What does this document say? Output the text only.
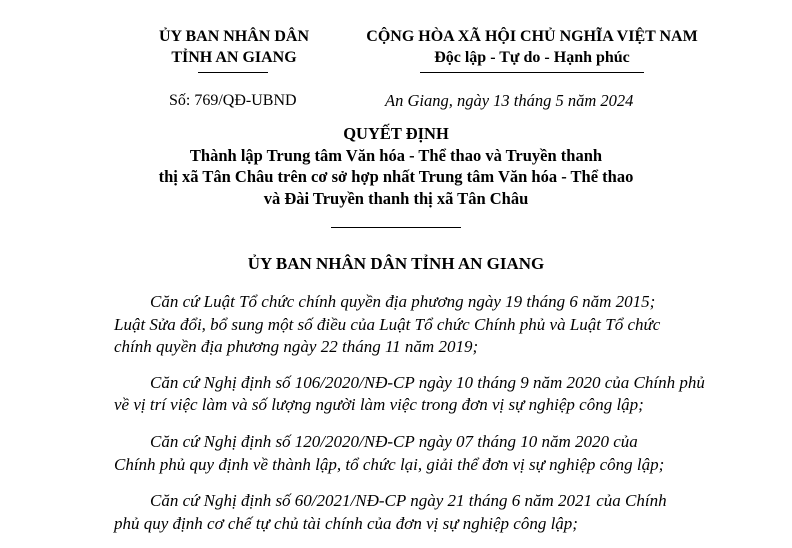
ỦY BAN NHÂN DÂN
TỈNH AN GIANG
CỘNG HÒA XÃ HỘI CHỦ NGHĨA VIỆT NAM
Độc lập - Tự do - Hạnh phúc
Số: 769/QĐ-UBND	An Giang, ngày 13 tháng 5 năm 2024
QUYẾT ĐỊNH
Thành lập Trung tâm Văn hóa - Thể thao và Truyền thanh
thị xã Tân Châu trên cơ sở hợp nhất Trung tâm Văn hóa - Thể thao
và Đài Truyền thanh thị xã Tân Châu
ỦY BAN NHÂN DÂN TỈNH AN GIANG
Căn cứ Luật Tổ chức chính quyền địa phương ngày 19 tháng 6 năm 2015;
Luật Sửa đổi, bổ sung một số điều của Luật Tổ chức Chính phủ và Luật Tổ chức
chính quyền địa phương ngày 22 tháng 11 năm 2019;
Căn cứ Nghị định số 106/2020/NĐ-CP ngày 10 tháng 9 năm 2020 của Chính phủ
về vị trí việc làm và số lượng người làm việc trong đơn vị sự nghiệp công lập;
Căn cứ Nghị định số 120/2020/NĐ-CP ngày 07 tháng 10 năm 2020 của
Chính phủ quy định về thành lập, tổ chức lại, giải thể đơn vị sự nghiệp công lập;
Căn cứ Nghị định số 60/2021/NĐ-CP ngày 21 tháng 6 năm 2021 của Chính
phủ quy định cơ chế tự chủ tài chính của đơn vị sự nghiệp công lập;
